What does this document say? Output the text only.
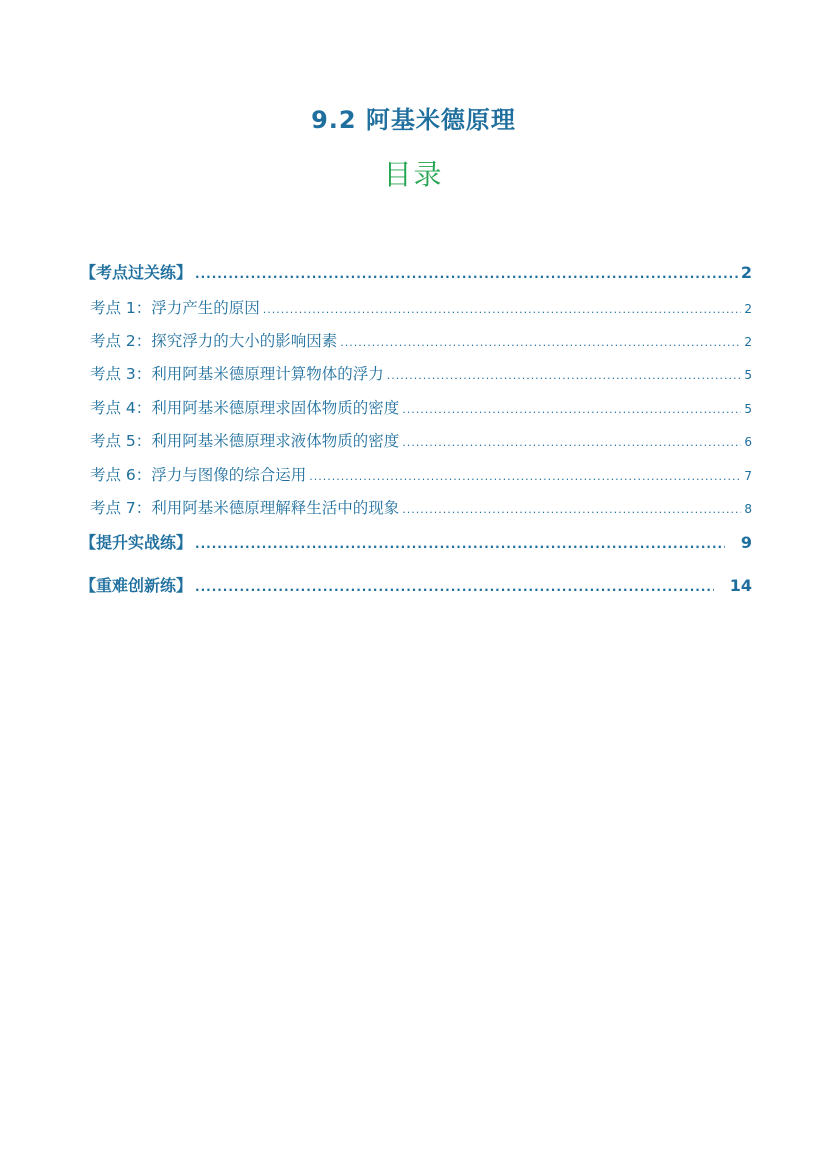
9.2 阿基米德原理
目录
【考点过关练】 .....	2
考点 1：浮力产生的原因 .....	2
考点 2：探究浮力的大小的影响因素 .....	2
考点 3：利用阿基米德原理计算物体的浮力 .....	5
考点 4：利用阿基米德原理求固体物质的密度 .....	5
考点 5：利用阿基米德原理求液体物质的密度 .....	6
考点 6：浮力与图像的综合运用 .....	7
考点 7：利用阿基米德原理解释生活中的现象 .....	8
【提升实战练】 .....	9
【重难创新练】 .....	14
